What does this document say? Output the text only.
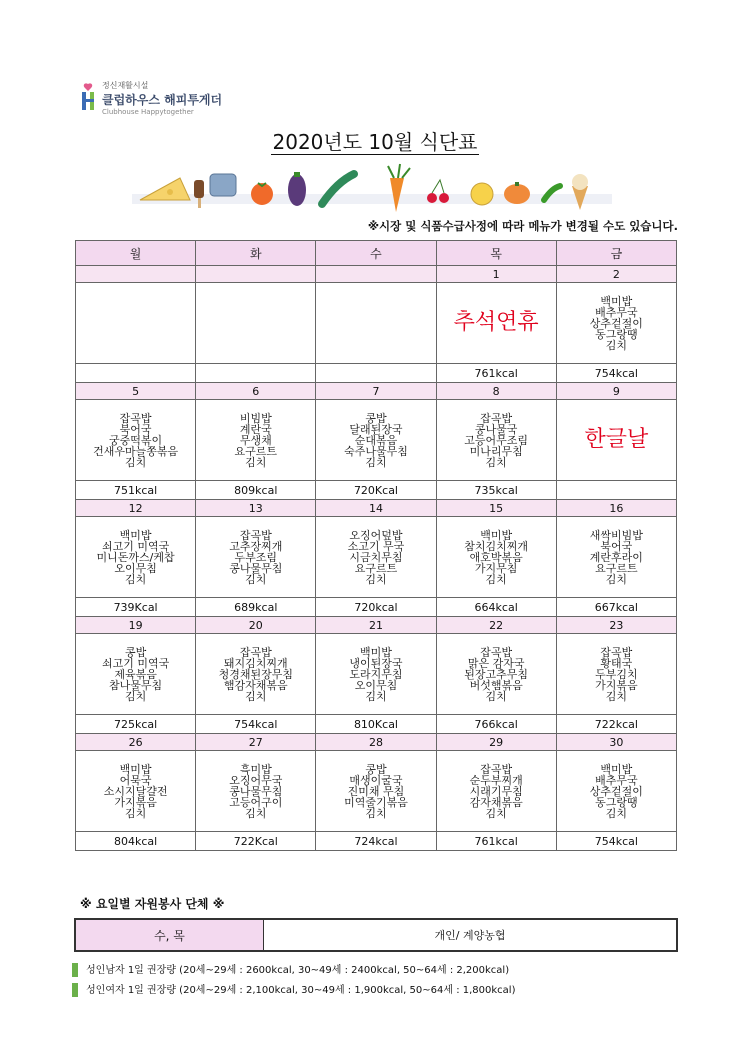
정신재활시설
클럽하우스 해피투게더
Clubhouse Happytogether
2020년도 10월 식단표
※시장 및 식품수급사정에 따라 메뉴가 변경될 수도 있습니다.
월	화	수	목	금
			1	2
			추석연휴	백미밥
배추무국
상추겉절이
동그랑땡
김치

			761kcal	754kcal
5	6	7	8	9

잡곡밥
북어국
궁중떡볶이
건새우마늘쫑볶음
김치	비빔밥
계란국
무생채
요구르트
김치	콩밥
달래된장국
순대볶음
숙주나물무침
김치	잡곡밥
콩나물국
고등어무조림
미나리무침
김치	한글날
751kcal	809kcal	720Kcal	735kcal	
12	13	14	15	16

백미밥
쇠고기 미역국
미니돈까스/케찹
오이무침
김치	잡곡밥
고추장찌개
두부조림
콩나물무침
김치	오징어덮밥
소고기 무국
시금치무침
요구르트
김치	백미밥
참치김치찌개
애호박볶음
가지무침
김치	새싹비빔밥
북어국
계란후라이
요구르트
김치

739Kcal	689kcal	720kcal	664kcal	667kcal
19	20	21	22	23

콩밥
쇠고기 미역국
제육볶음
참나물무침
김치	잡곡밥
돼지김치찌개
청경채된장무침
햄감자채볶음
김치	백미밥
냉이된장국
도라지무침
오이무침
김치	잡곡밥
맑은 감자국
된장고추무침
버섯햄볶음
김치	잡곡밥
황태국
두부김치
가지볶음
김치

725kcal	754kcal	810Kcal	766kcal	722kcal
26	27	28	29	30

백미밥
어묵국
소시지달걀전
가지볶음
김치	흑미밥
오징어무국
콩나물무침
고등어구이
김치	콩밥
매생이굴국
진미채 무침
미역줄기볶음
김치	잡곡밥
순두부찌개
시래기무침
감자채볶음
김치	백미밥
배추무국
상추겉절이
동그랑땡
김치

804kcal	722Kcal	724kcal	761kcal	754kcal
※ 요일별 자원봉사 단체 ※
수, 목	개인/ 계양농협
성인남자 1일 권장량 (20세~29세 : 2600kcal, 30~49세 : 2400kcal, 50~64세 : 2,200kcal)
성인여자 1일 권장량 (20세~29세 : 2,100kcal, 30~49세 : 1,900kcal, 50~64세 : 1,800kcal)
